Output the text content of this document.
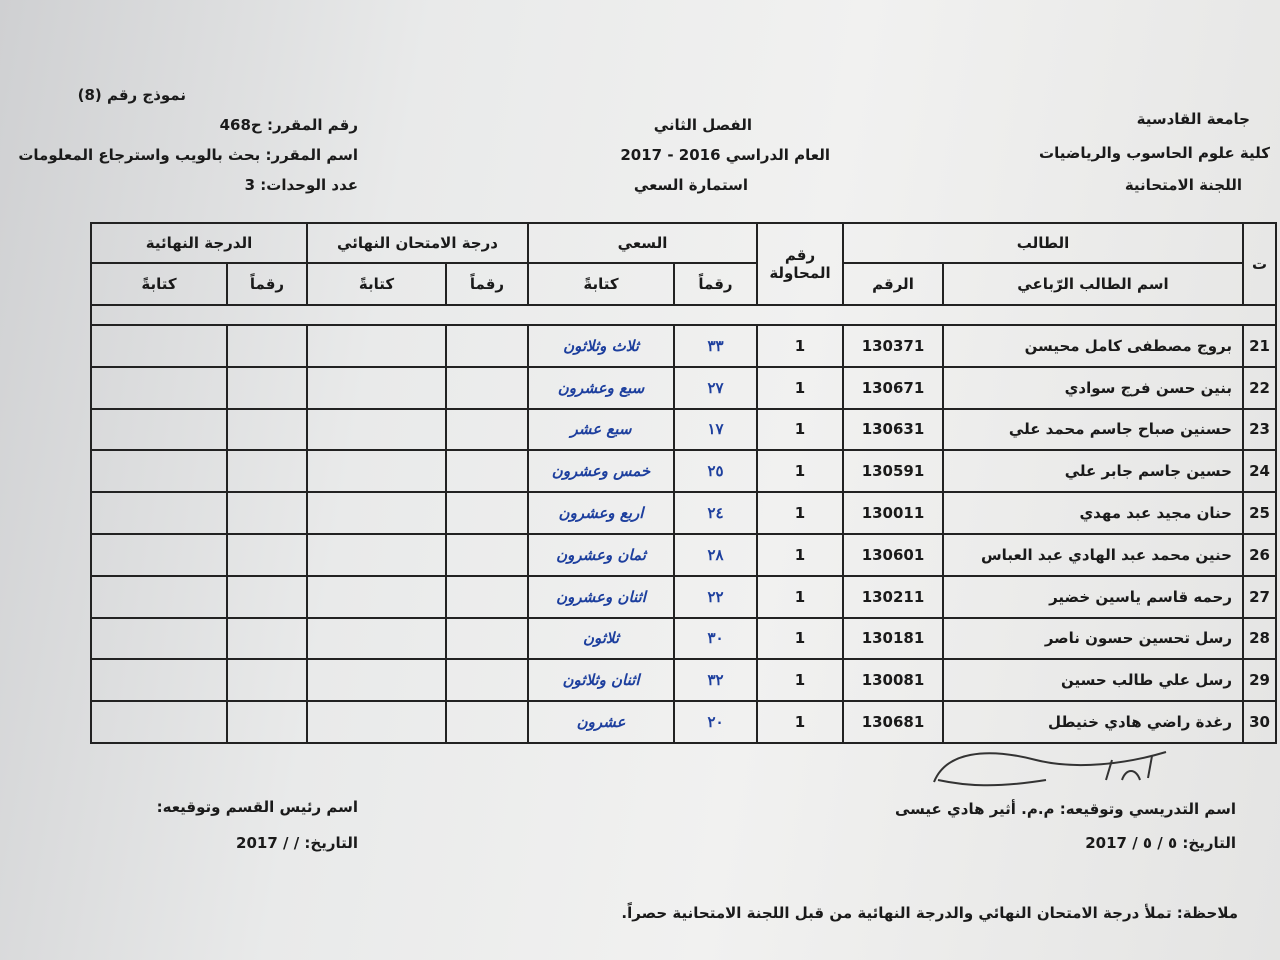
جامعة القادسية
كلية علوم الحاسوب والرياضيات
اللجنة الامتحانية
الفصل الثاني
العام الدراسي 2016 - 2017
استمارة السعي
نموذج رقم (8)
رقم المقرر: ح468
اسم المقرر: بحث بالويب واسترجاع المعلومات
عدد الوحدات: 3
ت	الطالب		رقم المحاولة	السعي		درجة الامتحان النهائي		الدرجة النهائية	
	اسم الطالب الرّباعي	الرقم		رقماً	كتابةً	رقماً	كتابةً	رقماً	كتابةً

21	بروج مصطفى كامل محيسن	130371	1	٣٣	ثلاث وثلاثون				
22	بنين حسن فرج سوادي	130671	1	٢٧	سبع وعشرون				
23	حسنين صباح جاسم محمد علي	130631	1	١٧	سبع عشر				
24	حسين جاسم جابر علي	130591	1	٢٥	خمس وعشرون				
25	حنان مجيد عبد مهدي	130011	1	٢٤	اربع وعشرون				
26	حنين محمد عبد الهادي عبد العباس	130601	1	٢٨	ثمان وعشرون				
27	رحمه قاسم ياسين خضير	130211	1	٢٢	اثنان وعشرون				
28	رسل تحسين حسون ناصر	130181	1	٣٠	ثلاثون				
29	رسل علي طالب حسين	130081	1	٣٢	اثنان وثلاثون				
30	رغدة راضي هادي خنيطل	130681	1	٢٠	عشرون				
اسم التدريسي وتوقيعه: م.م. أثير هادي عيسى
التاريخ: ٥ / ٥ / 2017
اسم رئيس القسم وتوقيعه:
التاريخ: / / 2017
ملاحظة: تملأ درجة الامتحان النهائي والدرجة النهائية من قبل اللجنة الامتحانية حصراً.
